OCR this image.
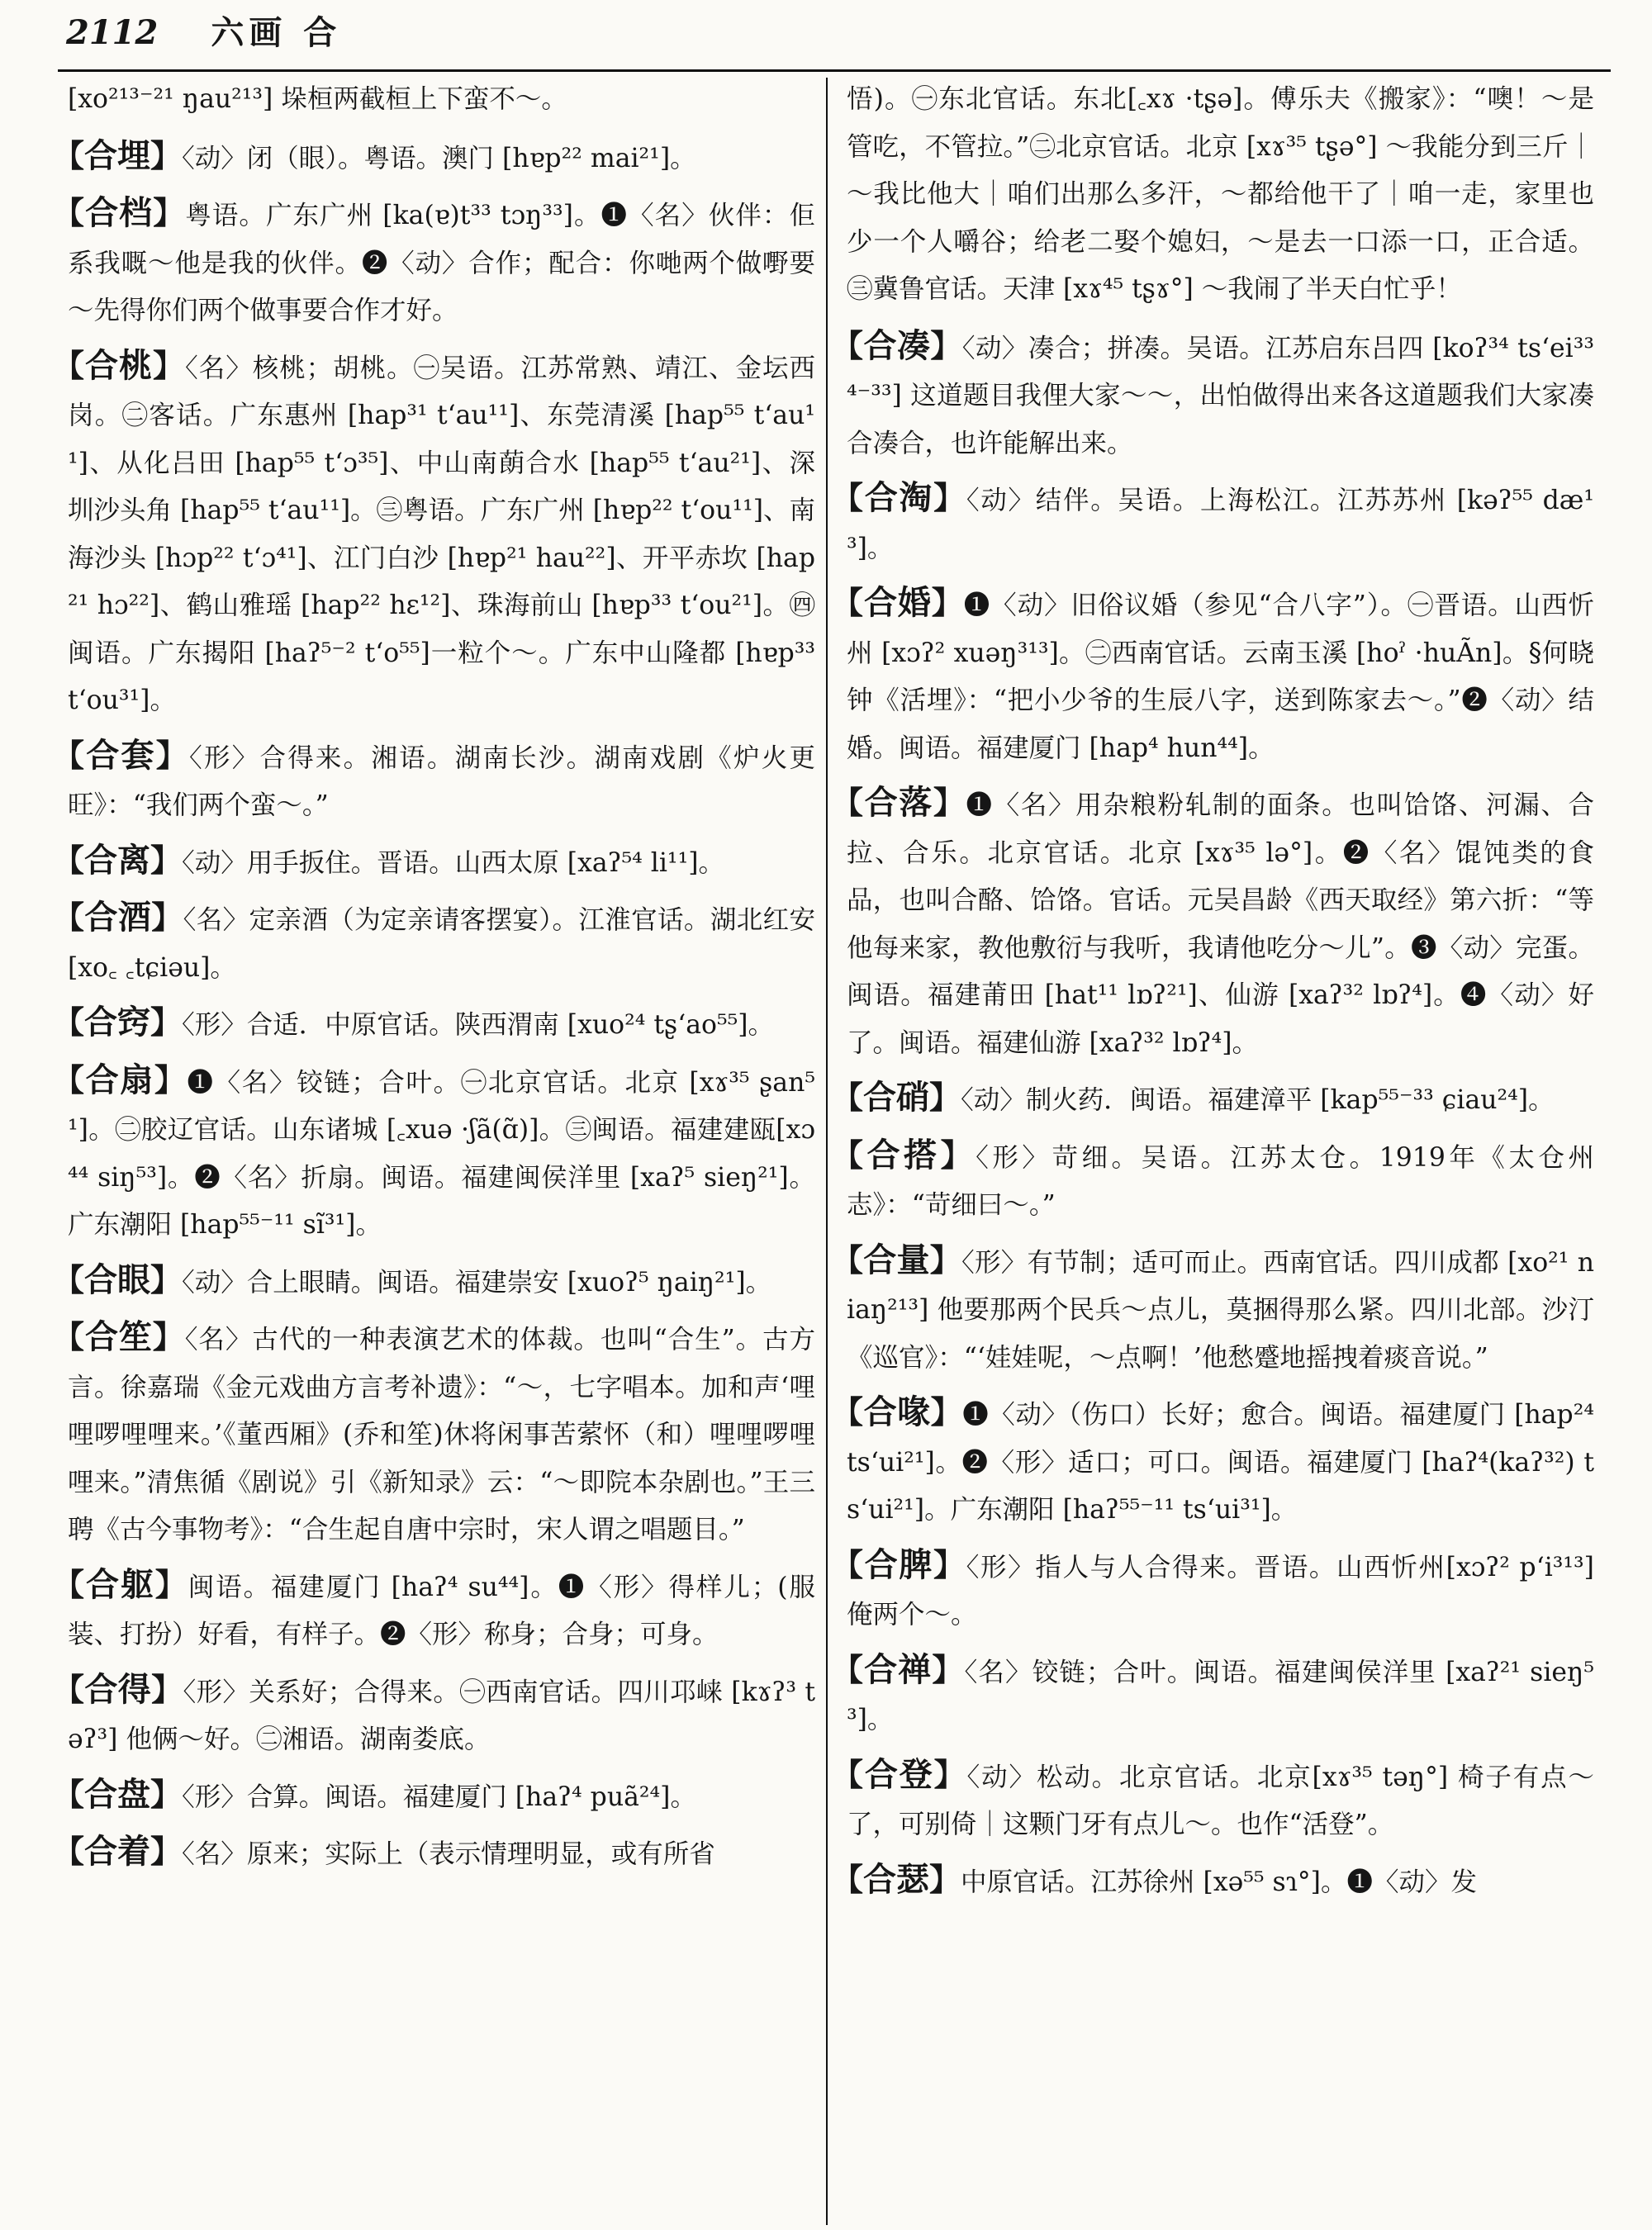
2112 六画 合

[xo²¹³⁻²¹ ŋau²¹³] 垛桓两截桓上下蛮不～。

【合埋】〈动〉闭（眼）。粤语。澳门 [hɐp²² mai²¹]。

【合档】粤语。广东广州 [ka(ɐ)t³³ tɔŋ³³]。❶〈名〉伙伴：佢系我嘅～他是我的伙伴。❷〈动〉合作；配合：你哋两个做嘢要～先得你们两个做事要合作才好。

【合桃】〈名〉核桃；胡桃。㊀吴语。江苏常熟、靖江、金坛西岗。㊁客话。广东惠州 [hap³¹ tʻau¹¹]、东莞清溪 [hap⁵⁵ tʻau¹¹]、从化吕田 [hap⁵⁵ tʻɔ³⁵]、中山南蓢合水 [hap⁵⁵ tʻau²¹]、深圳沙头角 [hap⁵⁵ tʻau¹¹]。㊂粤语。广东广州 [hɐp²² tʻou¹¹]、南海沙头 [hɔp²² tʻɔ⁴¹]、江门白沙 [hɐp²¹ hau²²]、开平赤坎 [hap²¹ hɔ²²]、鹤山雅瑶 [hap²² hɛ¹²]、珠海前山 [hɐp³³ tʻou²¹]。㊃闽语。广东揭阳 [haʔ⁵⁻² tʻo⁵⁵]一粒个～。广东中山隆都 [hɐp³³ tʻou³¹]。

【合套】〈形〉合得来。湘语。湖南长沙。湖南戏剧《炉火更旺》：“我们两个蛮～。”

【合离】〈动〉用手扳住。晋语。山西太原 [xaʔ⁵⁴ li¹¹]。

【合酒】〈名〉定亲酒（为定亲请客摆宴）。江淮官话。湖北红安 [xo꜀ ꜀tɕiəu]。

【合窍】〈形〉合适．中原官话。陕西渭南 [xuo²⁴ tʂʻao⁵⁵]。

【合扇】❶〈名〉铰链；合叶。㊀北京官话。北京 [xɤ³⁵ ʂan⁵¹]。㊁胶辽官话。山东诸城 [꜀xuə ·ʃã(ɑ̃)]。㊂闽语。福建建瓯[xɔ⁴⁴ siŋ⁵³]。❷〈名〉折扇。闽语。福建闽侯洋里 [xaʔ⁵ sieŋ²¹]。广东潮阳 [hap⁵⁵⁻¹¹ sĩ³¹]。

【合眼】〈动〉合上眼睛。闽语。福建崇安 [xuoʔ⁵ ŋaiŋ²¹]。

【合笙】〈名〉古代的一种表演艺术的体裁。也叫“合生”。古方言。徐嘉瑞《金元戏曲方言考补遗》：“～，七字唱本。加和声‘哩哩啰哩哩来。’《董西厢》(乔和笙)休将闲事苦萦怀（和）哩哩啰哩哩来。”清焦循《剧说》引《新知录》云：“～即院本杂剧也。”王三聘《古今事物考》：“合生起自唐中宗时，宋人谓之唱题目。”

【合躯】闽语。福建厦门 [haʔ⁴ su⁴⁴]。❶〈形〉得样儿；(服装、打扮）好看，有样子。❷〈形〉称身；合身；可身。

【合得】〈形〉关系好；合得来。㊀西南官话。四川邛崃 [kɤʔ³ təʔ³] 他俩～好。㊁湘语。湖南娄底。

【合盘】〈形〉合算。闽语。福建厦门 [haʔ⁴ puã²⁴]。

【合着】〈名〉原来；实际上（表示情理明显，或有所省

悟)。㊀东北官话。东北[꜀xɤ ·tʂə]。傅乐夫《搬家》：“噢！～是管吃，不管拉。”㊁北京官话。北京 [xɤ³⁵ tʂə°] ～我能分到三斤｜～我比他大｜咱们出那么多汗，～都给他干了｜咱一走，家里也少一个人嚼谷；给老二娶个媳妇，～是去一口添一口，正合适。㊂冀鲁官话。天津 [xɤ⁴⁵ tʂɤ°] ～我闹了半天白忙乎！

【合凑】〈动〉凑合；拼凑。吴语。江苏启东吕四 [koʔ³⁴ tsʻei³³⁴⁻³³] 这道题目我俚大家～～，出怕做得出来各这道题我们大家凑合凑合，也许能解出来。

【合淘】〈动〉结伴。吴语。上海松江。江苏苏州 [kəʔ⁵⁵ dæ¹³]。

【合婚】❶〈动〉旧俗议婚（参见“合八字”）。㊀晋语。山西忻州 [xɔʔ² xuəŋ³¹³]。㊁西南官话。云南玉溪 [hoˀ ·huÃn]。§何晓钟《活埋》：“把小少爷的生辰八字，送到陈家去～。”❷〈动〉结婚。闽语。福建厦门 [hap⁴ hun⁴⁴]。

【合落】❶〈名〉用杂粮粉轧制的面条。也叫饸饹、河漏、合拉、合乐。北京官话。北京 [xɤ³⁵ lə°]。❷〈名〉馄饨类的食品，也叫合酪、饸饹。官话。元吴昌龄《西天取经》第六折：“等他每来家，教他敷衍与我听，我请他吃分～儿”。❸〈动〉完蛋。闽语。福建莆田 [hat¹¹ lɒʔ²¹]、仙游 [xaʔ³² lɒʔ⁴]。❹〈动〉好了。闽语。福建仙游 [xaʔ³² lɒʔ⁴]。

【合硝】〈动〉制火药．闽语。福建漳平 [kap⁵⁵⁻³³ ɕiau²⁴]。

【合搭】〈形〉苛细。吴语。江苏太仓。1919年《太仓州志》：“苛细曰～。”

【合量】〈形〉有节制；适可而止。西南官话。四川成都 [xo²¹ niaŋ²¹³] 他要那两个民兵～点儿，莫捆得那么紧。四川北部。沙汀《巡官》：“‘娃娃呢，～点啊！’他愁蹙地摇拽着痰音说。”

【合喙】❶〈动〉（伤口）长好；愈合。闽语。福建厦门 [hap²⁴ tsʻui²¹]。❷〈形〉适口；可口。闽语。福建厦门 [haʔ⁴(kaʔ³²) tsʻui²¹]。广东潮阳 [haʔ⁵⁵⁻¹¹ tsʻui³¹]。

【合脾】〈形〉指人与人合得来。晋语。山西忻州[xɔʔ² pʻi³¹³] 俺两个～。

【合禅】〈名〉铰链；合叶。闽语。福建闽侯洋里 [xaʔ²¹ sieŋ⁵³]。

【合登】〈动〉松动。北京官话。北京[xɤ³⁵ təŋ°] 椅子有点～了，可别倚｜这颗门牙有点儿～。也作“活登”。

【合瑟】中原官话。江苏徐州 [xə⁵⁵ sɿ°]。❶〈动〉发
